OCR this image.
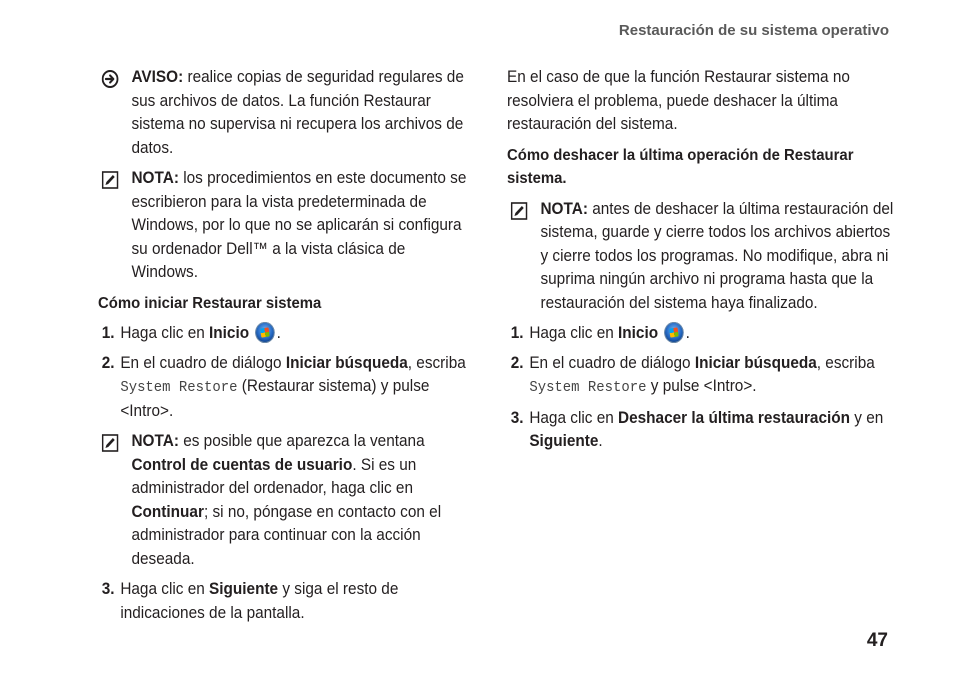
Restauración de su sistema operativo

AVISO: realice copias de seguridad regulares de sus archivos de datos. La función Restaurar sistema no supervisa ni recupera los archivos de datos.

NOTA: los procedimientos en este documento se escribieron para la vista predeterminada de Windows, por lo que no se aplicarán si configura su ordenador Dell™ a la vista clásica de Windows.

Cómo iniciar Restaurar sistema

1. Haga clic en Inicio .
2. En el cuadro de diálogo Iniciar búsqueda, escriba System Restore (Restaurar sistema) y pulse <Intro>.

NOTA: es posible que aparezca la ventana Control de cuentas de usuario. Si es un administrador del ordenador, haga clic en Continuar; si no, póngase en contacto con el administrador para continuar con la acción deseada.

3. Haga clic en Siguiente y siga el resto de indicaciones de la pantalla.

En el caso de que la función Restaurar sistema no resolviera el problema, puede deshacer la última restauración del sistema.

Cómo deshacer la última operación de Restaurar sistema.

NOTA: antes de deshacer la última restauración del sistema, guarde y cierre todos los archivos abiertos y cierre todos los programas. No modifique, abra ni suprima ningún archivo ni programa hasta que la restauración del sistema haya finalizado.

1. Haga clic en Inicio .
2. En el cuadro de diálogo Iniciar búsqueda, escriba System Restore y pulse <Intro>.
3. Haga clic en Deshacer la última restauración y en Siguiente.
47
